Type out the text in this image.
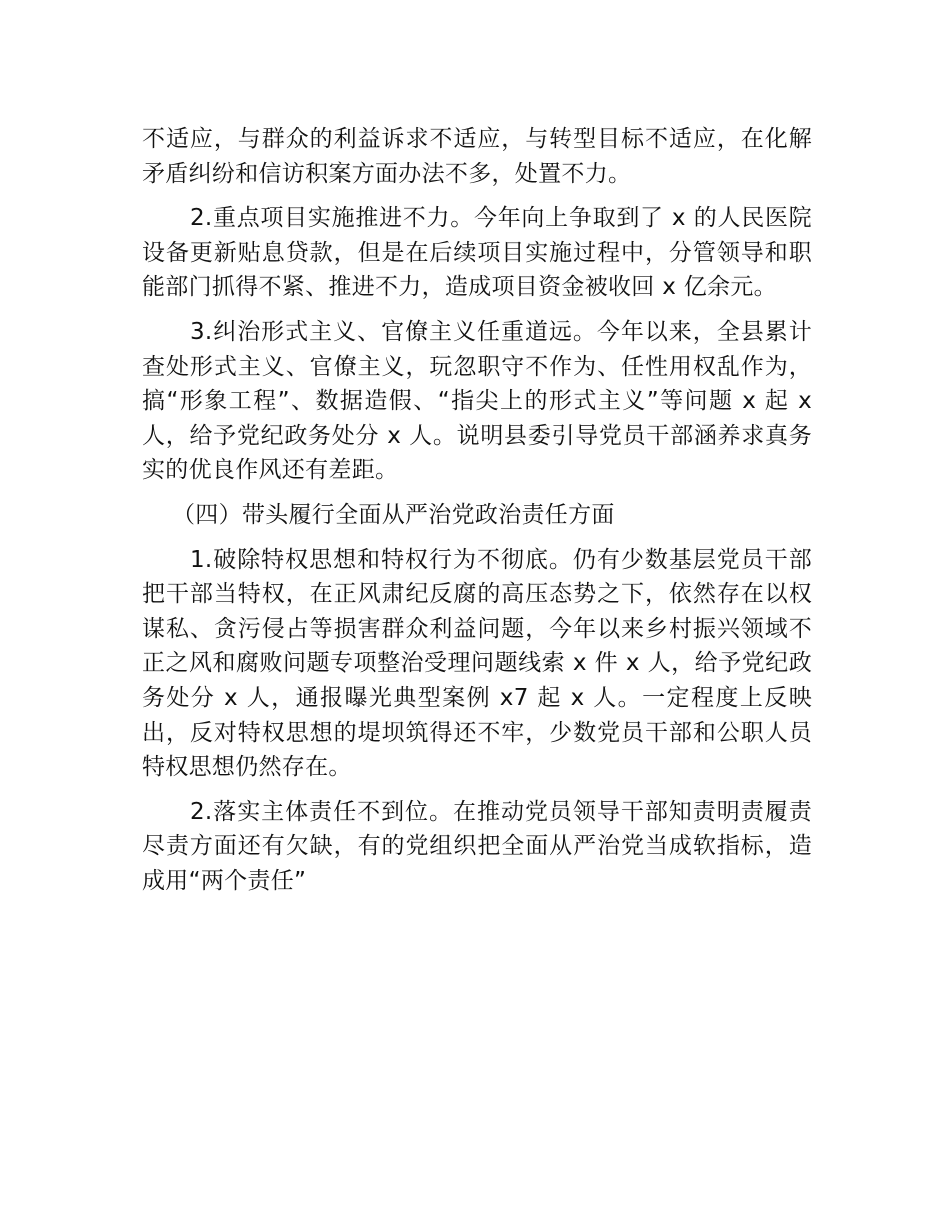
不适应，与群众的利益诉求不适应，与转型目标不适应，在化解矛盾纠纷和信访积案方面办法不多，处置不力。

2.重点项目实施推进不力。今年向上争取到了 x 的人民医院设备更新贴息贷款，但是在后续项目实施过程中，分管领导和职能部门抓得不紧、推进不力，造成项目资金被收回 x 亿余元。

3.纠治形式主义、官僚主义任重道远。今年以来，全县累计查处形式主义、官僚主义，玩忽职守不作为、任性用权乱作为，搞“形象工程”、数据造假、“指尖上的形式主义”等问题 x 起 x 人，给予党纪政务处分 x 人。说明县委引导党员干部涵养求真务实的优良作风还有差距。

（四）带头履行全面从严治党政治责任方面

1.破除特权思想和特权行为不彻底。仍有少数基层党员干部把干部当特权，在正风肃纪反腐的高压态势之下，依然存在以权谋私、贪污侵占等损害群众利益问题，今年以来乡村振兴领域不正之风和腐败问题专项整治受理问题线索 x 件 x 人，给予党纪政务处分 x 人，通报曝光典型案例 x7 起 x 人。一定程度上反映出，反对特权思想的堤坝筑得还不牢，少数党员干部和公职人员特权思想仍然存在。

2.落实主体责任不到位。在推动党员领导干部知责明责履责尽责方面还有欠缺，有的党组织把全面从严治党当成软指标，造成用“两个责任”
